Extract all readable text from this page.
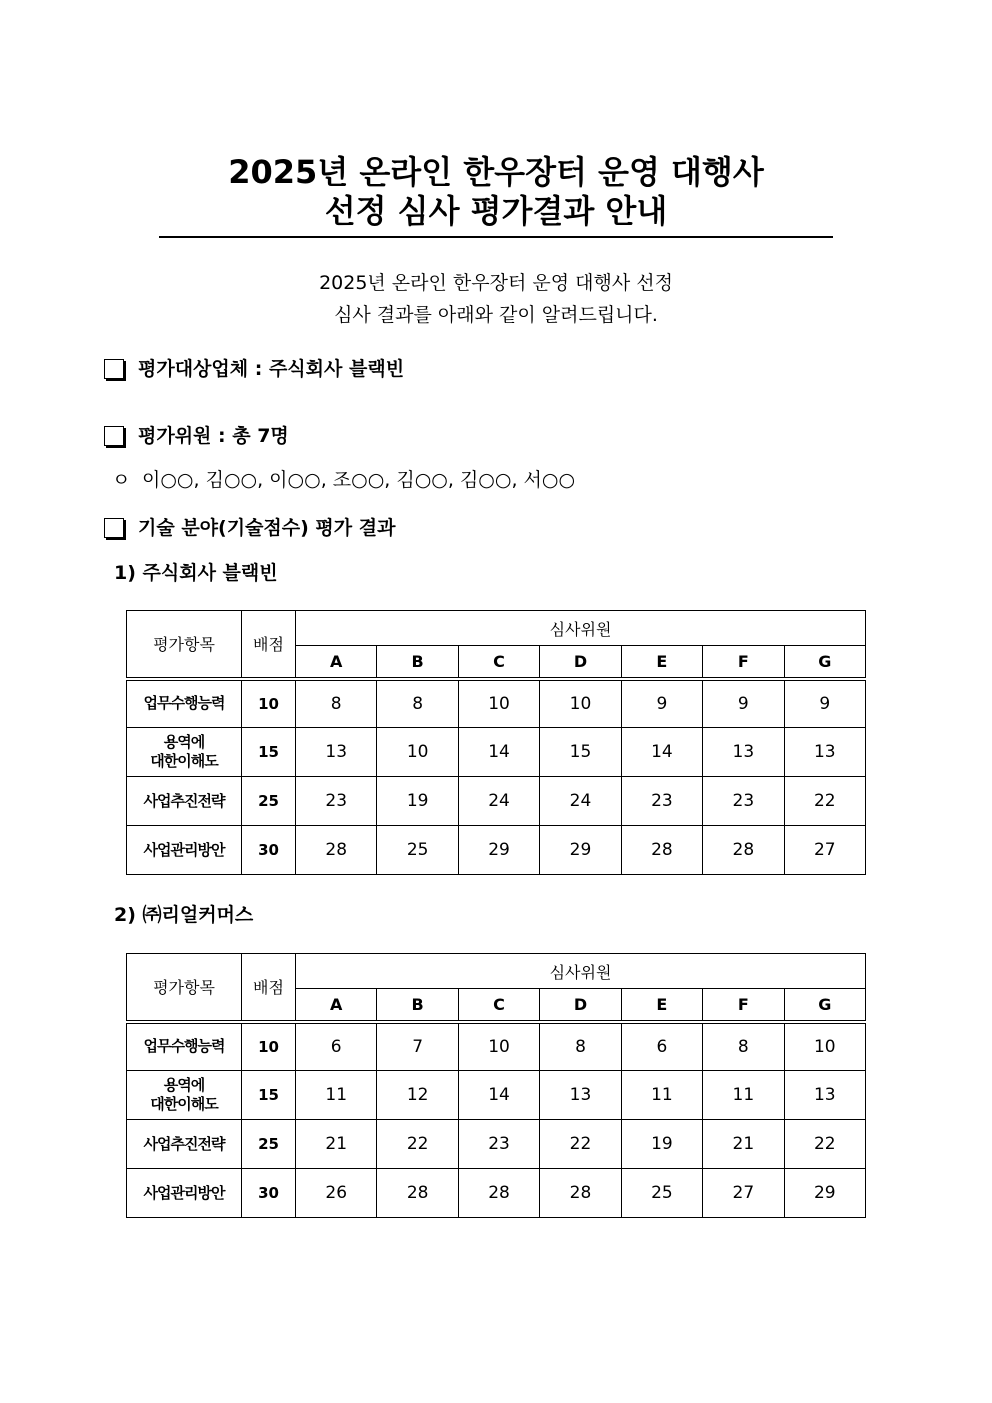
2025년 온라인 한우장터 운영 대행사
선정 심사 평가결과 안내
2025년 온라인 한우장터 운영 대행사 선정
심사 결과를 아래와 같이 알려드립니다.
평가대상업체 : 주식회사 블랙빈
평가위원 : 총 7명
ㅇ 이○○, 김○○, 이○○, 조○○, 김○○, 김○○, 서○○
기술 분야(기술점수) 평가 결과
1) 주식회사 블랙빈
평가항목	배점	심사위원						
		A	B	C	D	E	F	G
업무수행능력	10	8	8	10	10	9	9	9
용역에
대한이해도	15	13	10	14	15	14	13	13
사업추진전략	25	23	19	24	24	23	23	22
사업관리방안	30	28	25	29	29	28	28	27
2) ㈜리얼커머스
평가항목	배점	심사위원						
		A	B	C	D	E	F	G
업무수행능력	10	6	7	10	8	6	8	10
용역에
대한이해도	15	11	12	14	13	11	11	13
사업추진전략	25	21	22	23	22	19	21	22
사업관리방안	30	26	28	28	28	25	27	29
